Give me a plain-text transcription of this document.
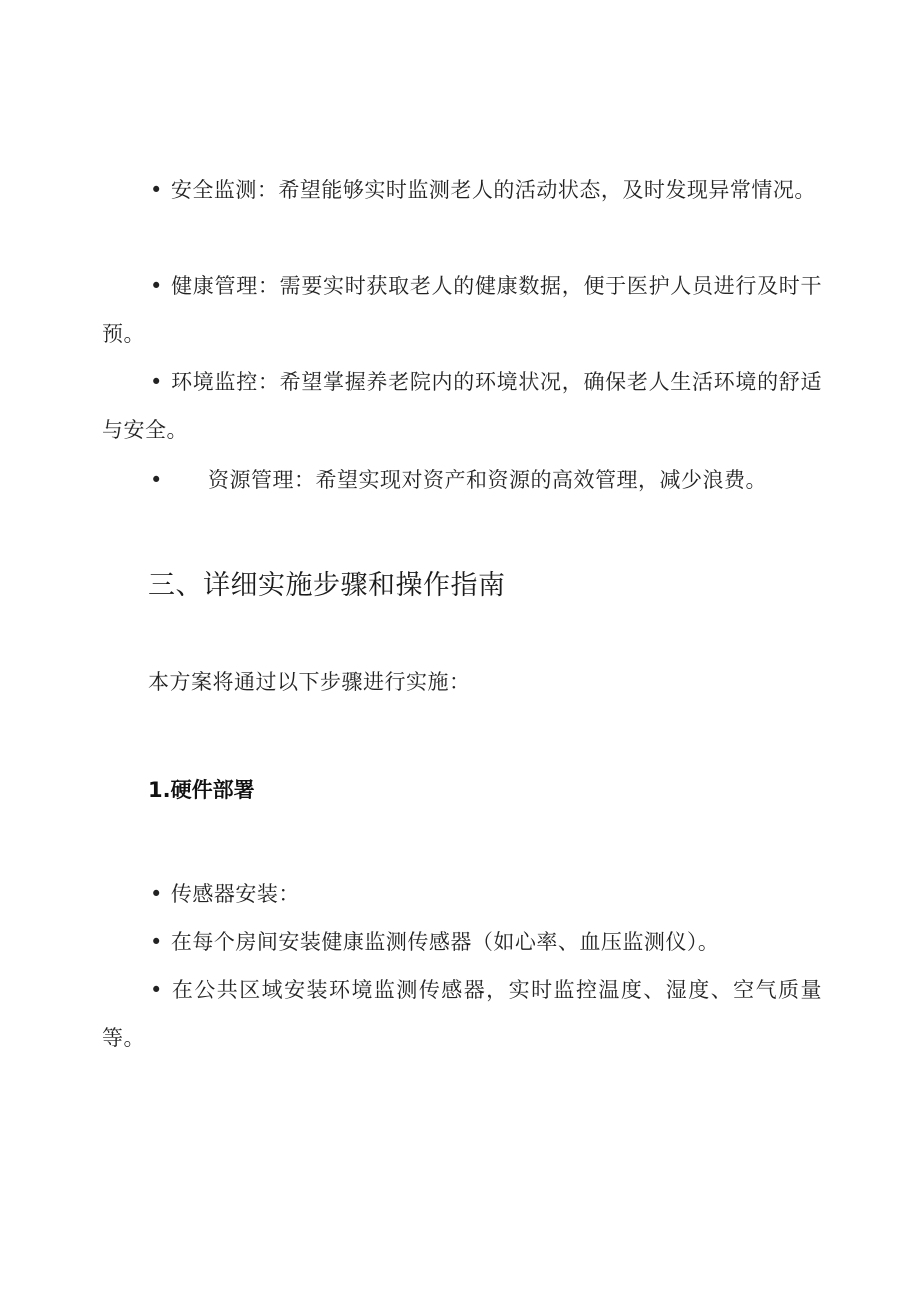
• 安全监测：希望能够实时监测老人的活动状态，及时发现异常情况。

• 健康管理：需要实时获取老人的健康数据，便于医护人员进行及时干预。

• 环境监控：希望掌握养老院内的环境状况，确保老人生活环境的舒适与安全。

• 资源管理：希望实现对资产和资源的高效管理，减少浪费。

三、详细实施步骤和操作指南

本方案将通过以下步骤进行实施：

1.硬件部署

• 传感器安装：

• 在每个房间安装健康监测传感器（如心率、血压监测仪）。

• 在公共区域安装环境监测传感器，实时监控温度、湿度、空气质量等。
